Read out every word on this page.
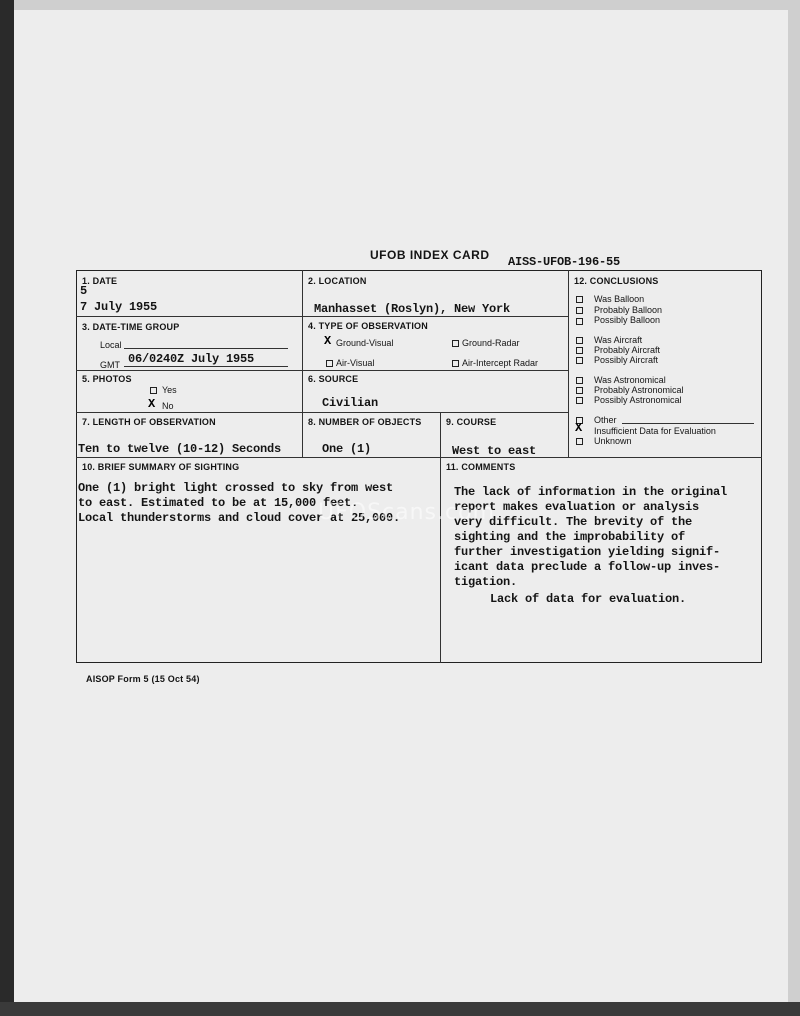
UFOB INDEX CARD AISS-UFOB-196-55
1. DATE
5
7 July 1955
2. LOCATION
Manhasset (Roslyn), New York
3. DATE-TIME GROUP
Local
GMT 06/0240Z July 1955
4. TYPE OF OBSERVATION
X Ground-Visual	Ground-Radar
Air-Visual	Air-Intercept Radar
5. PHOTOS
Yes
X No
6. SOURCE
Civilian
7. LENGTH OF OBSERVATION
Ten to twelve (10-12) Seconds
8. NUMBER OF OBJECTS
One (1)
9. COURSE
West to east
10. BRIEF SUMMARY OF SIGHTING
One (1) bright light crossed to sky from west
to east. Estimated to be at 15,000 feet.
Local thunderstorms and cloud cover at 25,000.
11. COMMENTS
The lack of information in the original
report makes evaluation or analysis
very difficult. The brevity of the
sighting and the improbability of
further investigation yielding signif-
icant data preclude a follow-up inves-
tigation.
Lack of data for evaluation.
12. CONCLUSIONS
Was Balloon
Probably Balloon
Possibly Balloon
Was Aircraft
Probably Aircraft
Possibly Aircraft
Was Astronomical
Probably Astronomical
Possibly Astronomical
Other
X Insufficient Data for Evaluation
Unknown
AISOP Form 5 (15 Oct 54)
UFOScans.com
